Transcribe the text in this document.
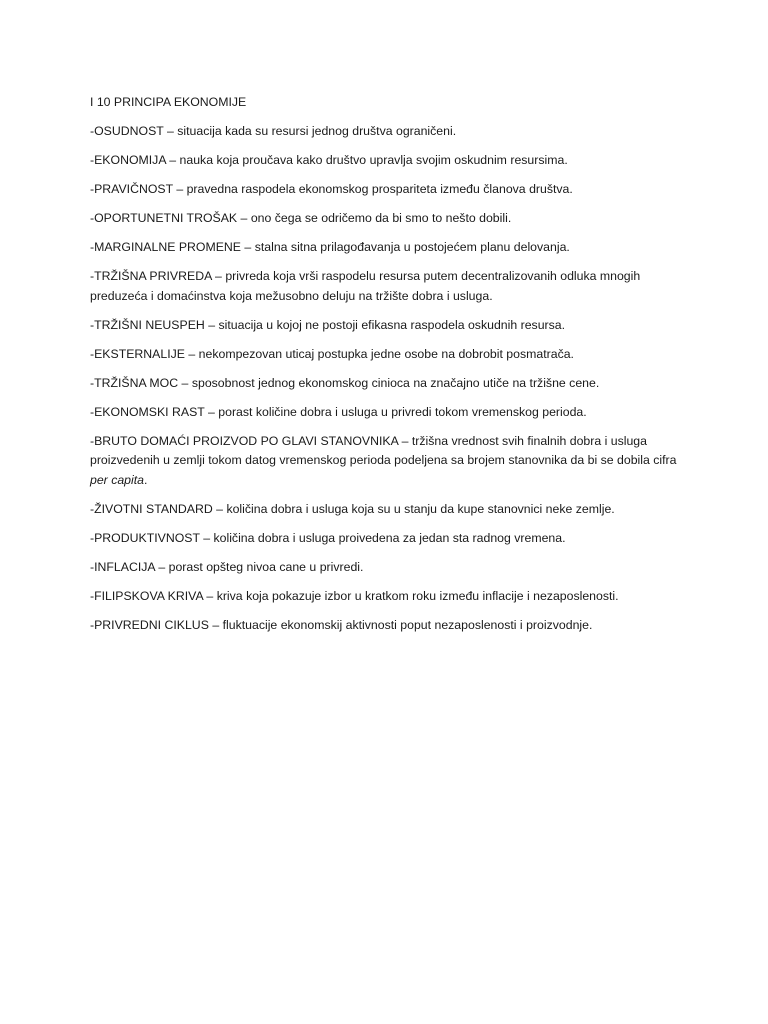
I 10 PRINCIPA EKONOMIJE

-OSUDNOST – situacija kada su resursi jednog društva ograničeni.

-EKONOMIJA – nauka koja proučava kako društvo upravlja svojim oskudnim resursima.

-PRAVIČNOST – pravedna raspodela ekonomskog prospariteta između članova društva.

-OPORTUNETNI TROŠAK – ono čega se odričemo da bi smo to nešto dobili.

-MARGINALNE PROMENE – stalna sitna prilagođavanja u postojećem planu delovanja.

-TRŽIŠNA PRIVREDA – privreda koja vrši raspodelu resursa putem decentralizovanih odluka mnogih preduzeća i domaćinstva koja mežusobno deluju na tržište dobra i usluga.

-TRŽIŠNI NEUSPEH – situacija u kojoj ne postoji efikasna raspodela oskudnih resursa.

-EKSTERNALIJE – nekompezovan uticaj postupka jedne osobe na dobrobit posmatrača.

-TRŽIŠNA MOC – sposobnost jednog ekonomskog cinioca na značajno utiče na tržišne cene.

-EKONOMSKI RAST – porast količine dobra i usluga u privredi tokom vremenskog perioda.

-BRUTO DOMAĆI PROIZVOD PO GLAVI STANOVNIKA – tržišna vrednost svih finalnih dobra i usluga proizvedenih u zemlji tokom datog vremenskog perioda podeljena sa brojem stanovnika da bi se dobila cifra per capita.

-ŽIVOTNI STANDARD – količina dobra i usluga koja su u stanju da kupe stanovnici neke zemlje.

-PRODUKTIVNOST – količina dobra i usluga proivedena za jedan sta radnog vremena.

-INFLACIJA – porast opšteg nivoa cane u privredi.

-FILIPSKOVA KRIVA – kriva koja pokazuje izbor u kratkom roku između inflacije i nezaposlenosti.

-PRIVREDNI CIKLUS – fluktuacije ekonomskij aktivnosti poput nezaposlenosti i proizvodnje.
